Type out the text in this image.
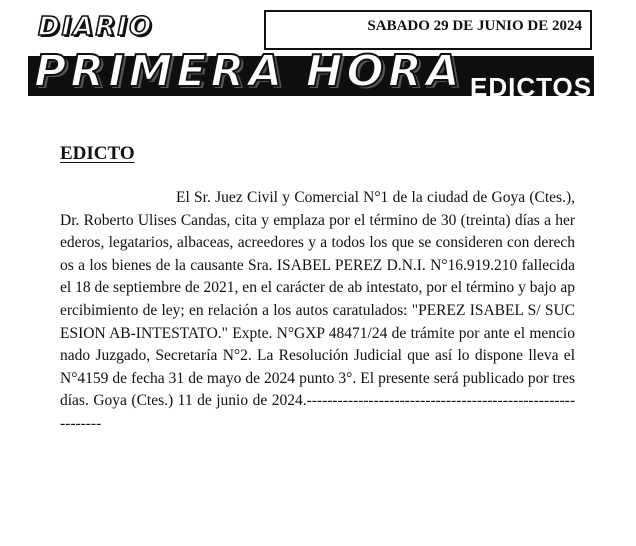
DIARIO	SABADO 29 DE JUNIO DE 2024
PRIMERA HORA EDICTOS
EDICTO

El Sr. Juez Civil y Comercial N°1 de la ciudad de Goya (Ctes.), Dr. Roberto Ulises Candas, cita y emplaza por el término de 30 (treinta) días a herederos, legatarios, albaceas, acreedores y a todos los que se consideren con derechos a los bienes de la causante Sra. ISABEL PEREZ D.N.I. N°16.919.210 fallecida el 18 de septiembre de 2021, en el carácter de ab intestato, por el término y bajo apercibimiento de ley; en relación a los autos caratulados: "PEREZ ISABEL S/ SUCESION AB-INTESTATO." Expte. N°GXP 48471/24 de trámite por ante el mencionado Juzgado, Secretaría N°2. La Resolución Judicial que así lo dispone lleva el N°4159 de fecha 31 de mayo de 2024 punto 3°. El presente será publicado por tres días. Goya (Ctes.) 11 de junio de 2024.------------------------------------------------------------
